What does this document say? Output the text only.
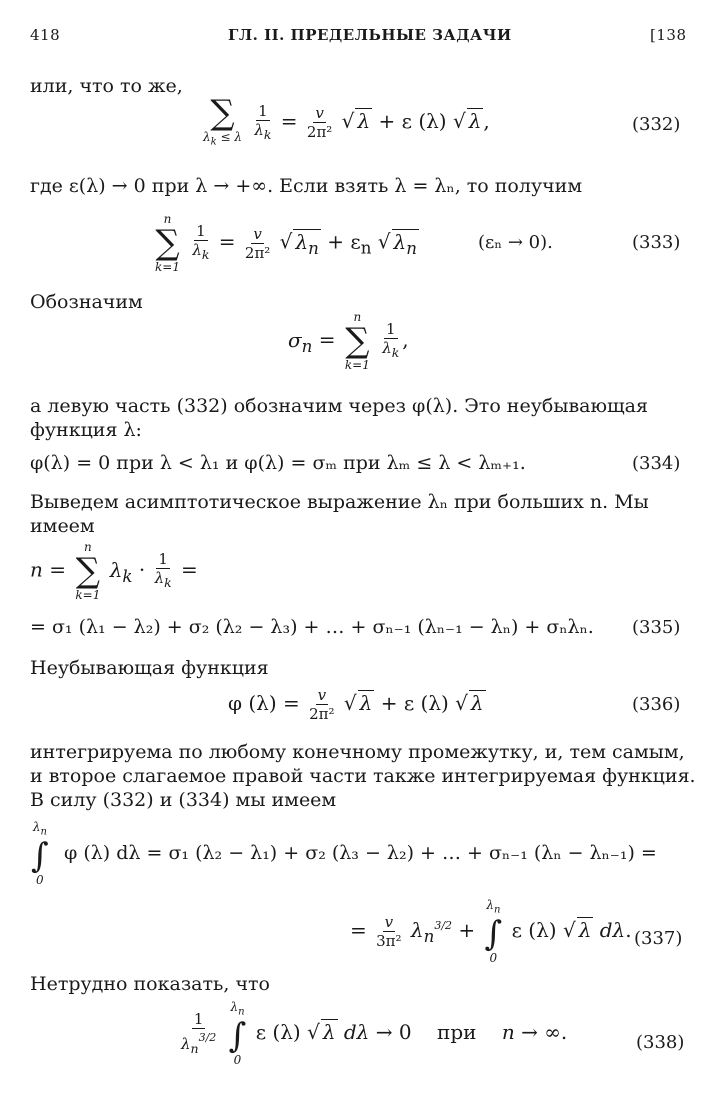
418	ГЛ. II. ПРЕДЕЛЬНЫЕ ЗАДАЧИ	[138
или, что то же,
∑
$\lambda_k \le \lambda$
$\frac{1}{\lambda_k} = \frac{v}{\text{2π²}}$ √ λ + ε (λ) √ λ ,	(332)
где ε(λ) → 0 при λ → +∞. Если взять λ = λₙ, то получим
n
∑
k=1

$\frac{1}{\lambda_k} = \frac{v}{\text{2π²}}$ √ $\lambda_n + \varepsilon_n$ √ $\lambda_n$	(εₙ → 0).	(333)
Обозначим
$\sigma_n$ =
n
∑
k=1

$\frac{1}{\lambda_k}$ ,
а левую часть (332) обозначим через φ(λ). Это неубывающая
функция λ:
φ(λ) = 0 при λ < λ₁ и φ(λ) = σₘ при λₘ ≤ λ < λₘ₊₁.	(334)
Выведем асимптотическое выражение λₙ при больших n. Мы
имеем
n =
n
∑
k=1
$\lambda_k \cdot \frac{1}{\lambda_k}$ =
= σ₁ (λ₁ − λ₂) + σ₂ (λ₂ − λ₃) + … + σₙ₋₁ (λₙ₋₁ − λₙ) + σₙλₙ. (335)
Неубывающая функция
φ $(\lambda) = \frac{v}{\text{2π²}}$ √ λ + ε (λ) √ λ	(336)
интегрируема по любому конечному промежутку, и, тем самым,
и второе слагаемое правой части также интегрируемая функция.
В силу (332) и (334) мы имеем
$\lambda_n$
∫
0
φ (λ) dλ = σ₁ (λ₂ − λ₁) + σ₂ (λ₃ − λ₂) + … + σₙ₋₁ (λₙ − λₙ₋₁) =
= $\frac{v}{\text{3π²}} \lambda_n^{3/2}$ +
$\lambda_n$
∫
0
ε (λ) √ λ dλ. (337)
Нетрудно показать, что
$\frac{1}{\lambda_n^{3/2}}$

$\lambda_n$
∫
0
ε (λ) √ λ dλ → 0    при    n → ∞.	(338)
